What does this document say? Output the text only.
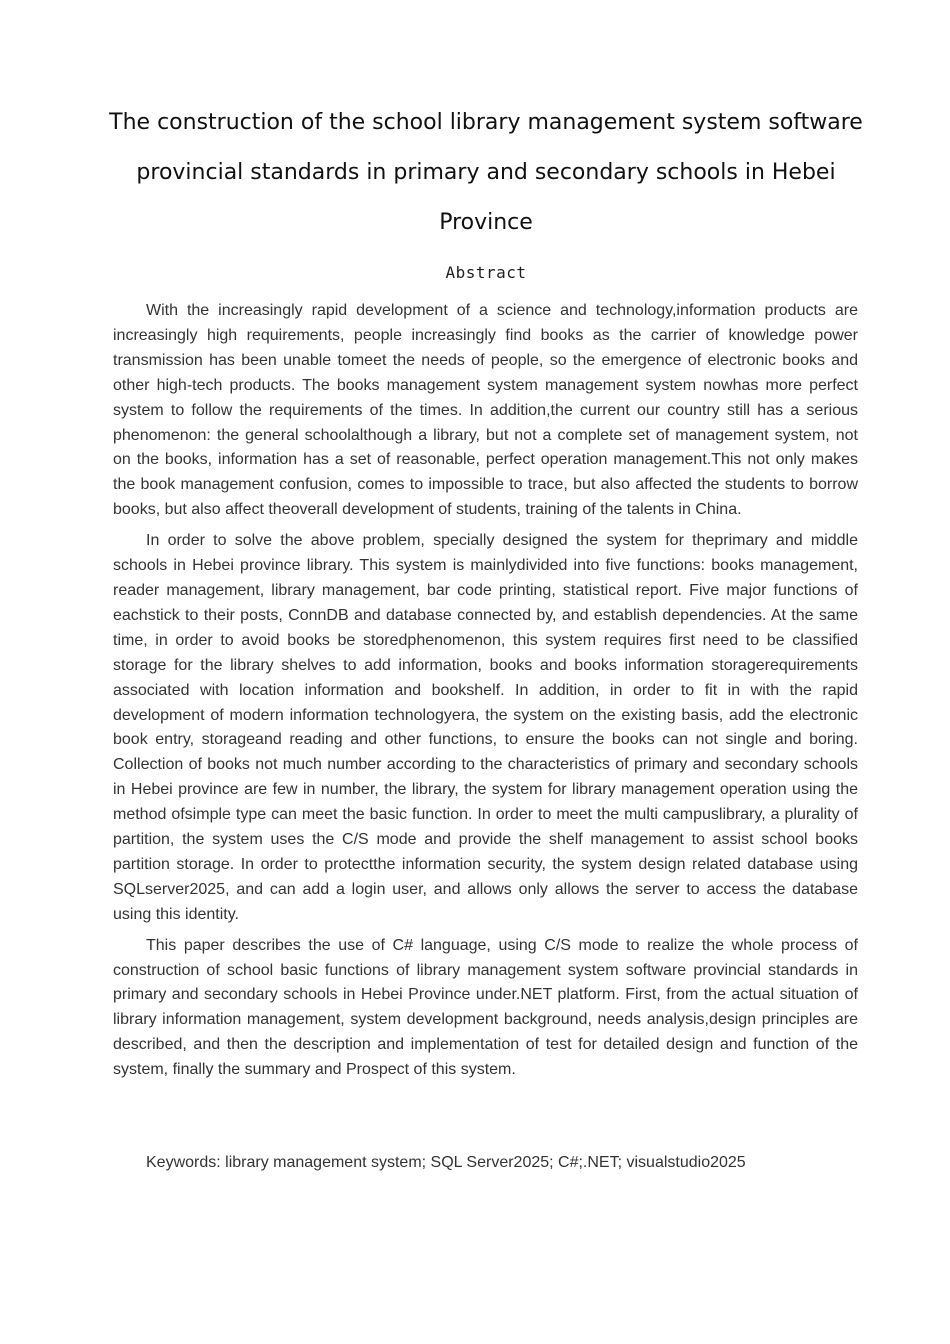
The construction of the school library management system software provincial standards in primary and secondary schools in Hebei Province
Abstract

With the increasingly rapid development of a science and technology,information products are increasingly high requirements, people increasingly find books as the carrier of knowledge power transmission has been unable tomeet the needs of people, so the emergence of electronic books and other high-tech products. The books management system management system nowhas more perfect system to follow the requirements of the times. In addition,the current our country still has a serious phenomenon: the general schoolalthough a library, but not a complete set of management system, not on the books, information has a set of reasonable, perfect operation management.This not only makes the book management confusion, comes to impossible to trace, but also affected the students to borrow books, but also affect theoverall development of students, training of the talents in China.

In order to solve the above problem, specially designed the system for theprimary and middle schools in Hebei province library. This system is mainlydivided into five functions: books management, reader management, library management, bar code printing, statistical report. Five major functions of eachstick to their posts, ConnDB and database connected by, and establish dependencies. At the same time, in order to avoid books be storedphenomenon, this system requires first need to be classified storage for the library shelves to add information, books and books information storagerequirements associated with location information and bookshelf. In addition, in order to fit in with the rapid development of modern information technologyera, the system on the existing basis, add the electronic book entry, storageand reading and other functions, to ensure the books can not single and boring. Collection of books not much number according to the characteristics of primary and secondary schools in Hebei province are few in number, the library, the system for library management operation using the method ofsimple type can meet the basic function. In order to meet the multi campuslibrary, a plurality of partition, the system uses the C/S mode and provide the shelf management to assist school books partition storage. In order to protectthe information security, the system design related database using SQLserver2025, and can add a login user, and allows only allows the server to access the database using this identity.

This paper describes the use of C# language, using C/S mode to realize the whole process of construction of school basic functions of library management system software provincial standards in primary and secondary schools in Hebei Province under.NET platform. First, from the actual situation of library information management, system development background, needs analysis,design principles are described, and then the description and implementation of test for detailed design and function of the system, finally the summary and Prospect of this system.

Keywords: library management system; SQL Server2025; C#;.NET; visualstudio2025
